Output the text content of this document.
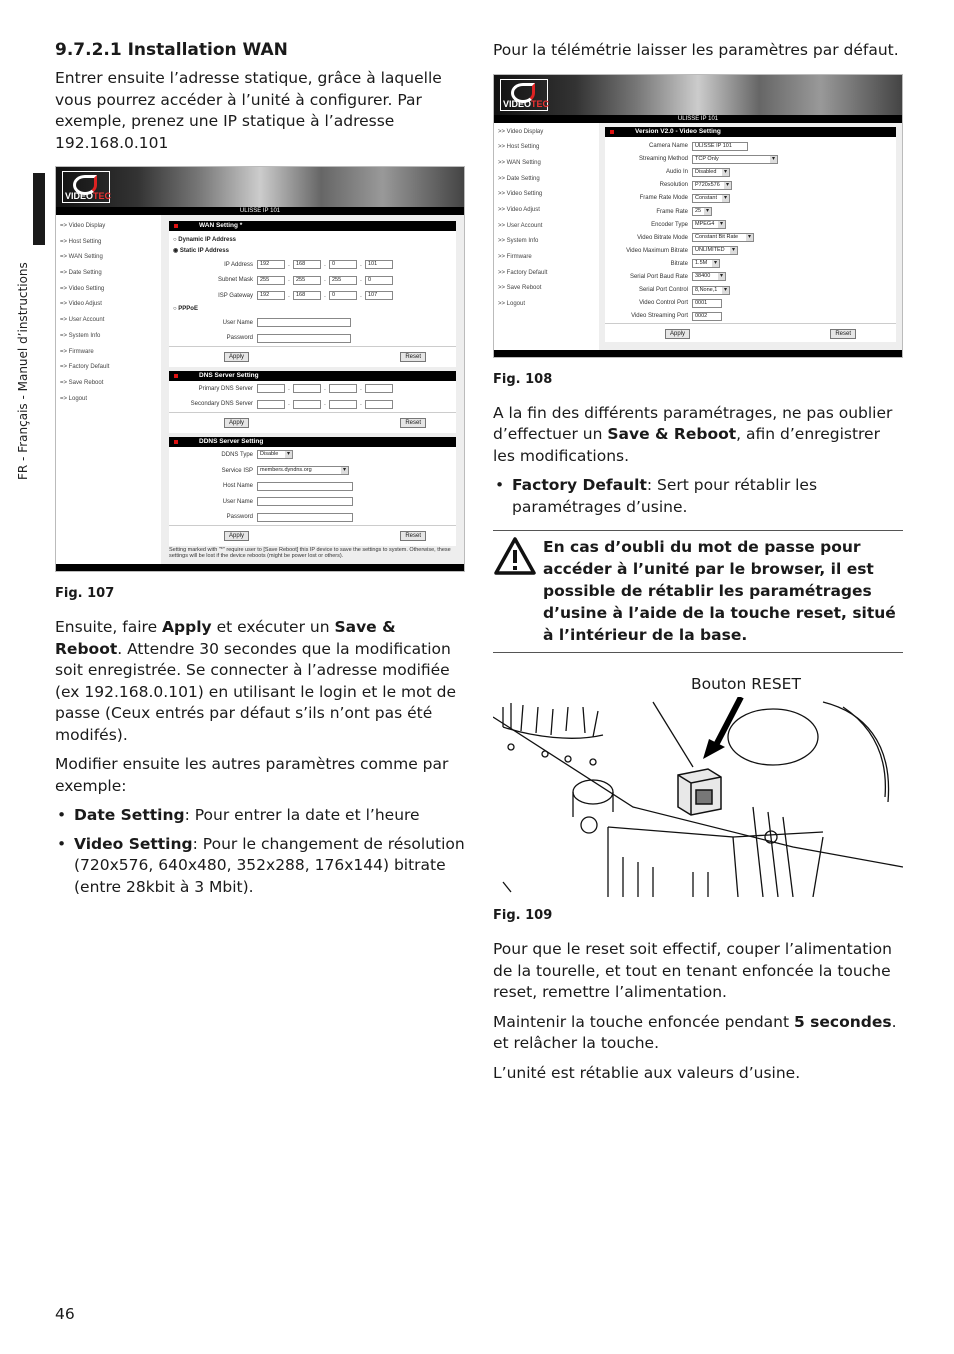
FR - Français - Manuel d’instructions
9.7.2.1 Installation WAN

Entrer ensuite l’adresse statique, grâce à laquelle vous pourrez accéder à l’unité à configurer. Par exemple, prenez une IP statique à l’adresse 192.168.0.101

VIDEOTEC
ULISSE IP 101
=> Video Display
=> Host Setting
=> WAN Setting
=> Date Setting
=> Video Setting
=> Video Adjust
=> User Account
=> System Info
=> Firmware
=> Factory Default
=> Save Reboot
=> Logout
WAN Setting *
○ Dynamic IP Address
◉ Static IP Address
IP Address	192	.	168	.	0	.	101
Subnet Mask	255	.	255	.	255	.	0
ISP Gateway	192	.	168	.	0	.	107
○ PPPoE
User Name
Password
Apply	Reset
DNS Server Setting
Primary DNS Server	.	.	.
Secondary DNS Server	.	.	.
Apply	Reset
DDNS Server Setting
DDNS Type	Disable ▾
Service ISP	members.dyndns.org ▾
Host Name
User Name
Password
Apply	Reset
Setting marked with "*" require user to [Save Reboot] this IP device to save the settings to system. Otherwise, these settings will be lost if the device reboots (might be power lost or others).
Fig. 107

Ensuite, faire Apply et exécuter un Save & Reboot. Attendre 30 secondes que la modification soit enregistrée. Se connecter à l’adresse modifiée (ex 192.168.0.101) en utilisant le login et le mot de passe (Ceux entrés par défaut s’ils n’ont pas été modifés).

Modifier ensuite les autres paramètres comme par exemple:

• Date Setting: Pour entrer la date et l’heure
• Video Setting: Pour le changement de résolution (720x576, 640x480, 352x288, 176x144) bitrate (entre 28kbit à 3 Mbit).

Pour la télémétrie laisser les paramètres par défaut.

VIDEOTEC
ULISSE IP 101
>> Video Display
>> Host Setting
>> WAN Setting
>> Date Setting
>> Video Setting
>> Video Adjust
>> User Account
>> System Info
>> Firmware
>> Factory Default
>> Save Reboot
>> Logout
Version V2.0 - Video Setting
Camera Name	ULISSE IP 101
Streaming Method	TCP Only ▾
Audio In	Disabled ▾
Resolution	P720x576 ▾
Frame Rate Mode	Constant ▾
Frame Rate	25 ▾
Encoder Type	MPEG4 ▾
Video Bitrate Mode	Constant Bit Rate ▾
Video Maximum Bitrate	UNLIMITED ▾
Bitrate	1.5M ▾
Serial Port Baud Rate	38400 ▾
Serial Port Control	8,None,1 ▾
Video Control Port	0001
Video Streaming Port	0002
Apply	Reset
Fig. 108

A la fin des différents paramétrages, ne pas oublier d’effectuer un Save & Reboot, afin d’enregistrer les modifications.

• Factory Default: Sert pour rétablir les paramétrages d’usine.
En cas d’oubli du mot de passe pour accéder à l’unité par le browser, il est possible de rétablir les paramétrages d’usine à l’aide de la touche reset, situé à l’intérieur de la base.
Bouton RESET
Fig. 109

Pour que le reset soit effectif, couper l’alimentation de la tourelle, et tout en tenant enfoncée la touche reset, remettre l’alimentation.

Maintenir la touche enfoncée pendant 5 secondes. et relâcher la touche.

L’unité est rétablie aux valeurs d’usine.

46
